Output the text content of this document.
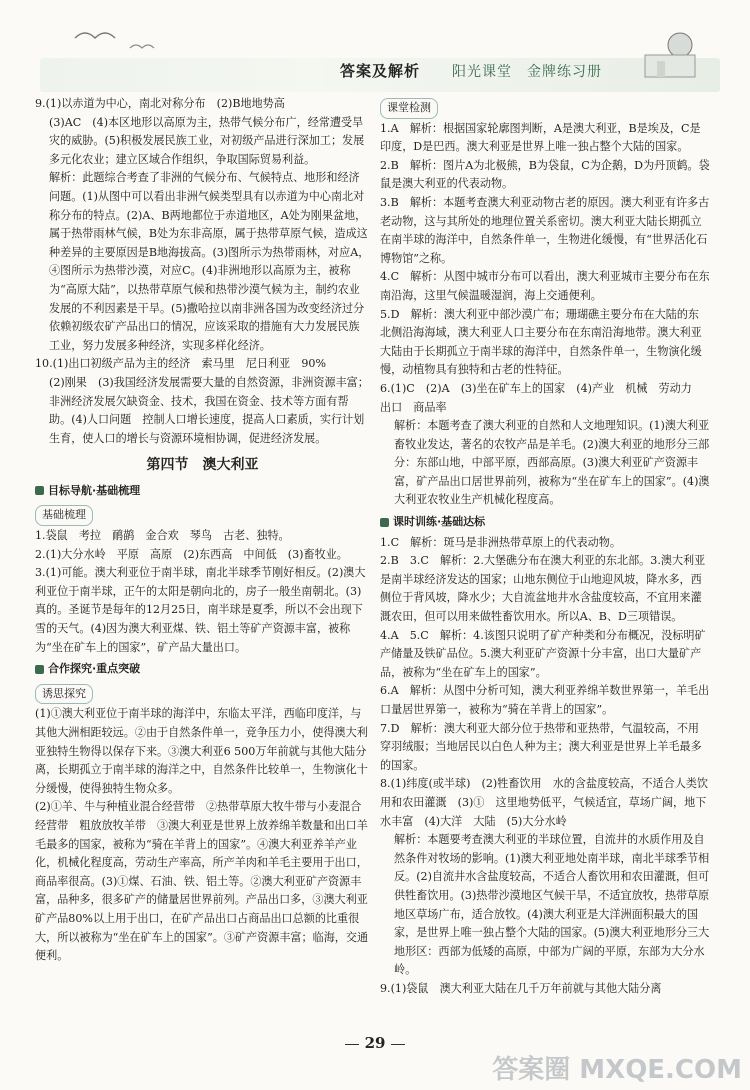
答案及解析 阳光课堂　金牌练习册

9.(1)以赤道为中心，南北对称分布　(2)B地地势高

(3)AC　(4)本区地形以高原为主，热带气候分布广，经常遭受旱灾的威胁。(5)积极发展民族工业，对初级产品进行深加工；发展多元化农业；建立区域合作组织，争取国际贸易利益。

解析：此题综合考查了非洲的气候分布、气候特点、地形和经济问题。(1)从图中可以看出非洲气候类型具有以赤道为中心南北对称分布的特点。(2)A、B两地都位于赤道地区，A处为刚果盆地，属于热带雨林气候，B处为东非高原，属于热带草原气候，造成这种差异的主要原因是B地海拔高。(3)图所示为热带雨林，对应A，④图所示为热带沙漠，对应C。(4)非洲地形以高原为主，被称为“高原大陆”，以热带草原气候和热带沙漠气候为主，制约农业发展的不利因素是干旱。(5)撒哈拉以南非洲各国为改变经济过分依赖初级农矿产品出口的情况，应该采取的措施有大力发展民族工业，努力发展多种经济，实现多样化经济。

10.(1)出口初级产品为主的经济　索马里　尼日利亚　90%

(2)刚果　(3)我国经济发展需要大量的自然资源，非洲资源丰富；非洲经济发展欠缺资金、技术，我国在资金、技术等方面有帮助。(4)人口问题　控制人口增长速度，提高人口素质，实行计划生育，使人口的增长与资源环境相协调，促进经济发展。

第四节　澳大利亚
目标导航·基础梳理
基础梳理

1.袋鼠　考拉　鸸鹋　金合欢　琴鸟　古老、独特。

2.(1)大分水岭　平原　高原　(2)东西高　中间低　(3)畜牧业。

3.(1)可能。澳大利亚位于南半球，南北半球季节刚好相反。(2)澳大利亚位于南半球，正午的太阳是朝向北的，房子一般坐南朝北。(3)真的。圣诞节是每年的12月25日，南半球是夏季，所以不会出现下雪的天气。(4)因为澳大利亚煤、铁、铝土等矿产资源丰富，被称为“坐在矿车上的国家”，矿产品大量出口。

合作探究·重点突破
诱思探究

(1)①澳大利亚位于南半球的海洋中，东临太平洋，西临印度洋，与其他大洲相距较远。②由于自然条件单一，竞争压力小，使得澳大利亚独特生物得以保存下来。③澳大利亚6 500万年前就与其他大陆分离，长期孤立于南半球的海洋之中，自然条件比较单一，生物演化十分缓慢，使得独特生物众多。

(2)①羊、牛与种植业混合经营带　②热带草原大牧牛带与小麦混合经营带　粗放放牧羊带　③澳大利亚是世界上放养绵羊数量和出口羊毛最多的国家，被称为“骑在羊背上的国家”。④澳大利亚养羊产业化，机械化程度高，劳动生产率高，所产羊肉和羊毛主要用于出口，商品率很高。(3)①煤、石油、铁、铝土等。②澳大利亚矿产资源丰富，品种多，很多矿产的储量居世界前列。产品出口多，③澳大利亚矿产品80%以上用于出口，在矿产品出口占商品出口总额的比重很大，所以被称为“坐在矿车上的国家”。③矿产资源丰富；临海，交通便利。

课堂检测

1.A　解析：根据国家轮廓图判断，A是澳大利亚，B是埃及，C是印度，D是巴西。澳大利亚是世界上唯一独占整个大陆的国家。

2.B　解析：图片A为北极熊，B为袋鼠，C为企鹅，D为丹顶鹤。袋鼠是澳大利亚的代表动物。

3.B　解析：本题考查澳大利亚动物古老的原因。澳大利亚有许多古老动物，这与其所处的地理位置关系密切。澳大利亚大陆长期孤立在南半球的海洋中，自然条件单一，生物进化缓慢，有“世界活化石博物馆”之称。

4.C　解析：从图中城市分布可以看出，澳大利亚城市主要分布在东南沿海，这里气候温暖湿润，海上交通便利。

5.D　解析：澳大利亚中部沙漠广布；珊瑚礁主要分布在大陆的东北侧沿海海域，澳大利亚人口主要分布在东南沿海地带。澳大利亚大陆由于长期孤立于南半球的海洋中，自然条件单一，生物演化缓慢，动植物具有独特和古老的性特征。

6.(1)C　(2)A　(3)坐在矿车上的国家　(4)产业　机械　劳动力　出口　商品率

解析：本题考查了澳大利亚的自然和人文地理知识。(1)澳大利亚畜牧业发达，著名的农牧产品是羊毛。(2)澳大利亚的地形分三部分：东部山地，中部平原，西部高原。(3)澳大利亚矿产资源丰富，矿产品出口居世界前列，被称为“坐在矿车上的国家”。(4)澳大利亚农牧业生产机械化程度高。

课时训练·基础达标

1.C　解析：斑马是非洲热带草原上的代表动物。

2.B　3.C　解析：2.大堡礁分布在澳大利亚的东北部。3.澳大利亚是南半球经济发达的国家；山地东侧位于山地迎风坡，降水多，西侧位于背风坡，降水少；大自流盆地井水含盐度较高，不宜用来灌溉农田，但可以用来做牲畜饮用水。所以A、B、D三项错误。

4.A　5.C　解析：4.该图只说明了矿产种类和分布概况，没标明矿产储量及铁矿品位。5.澳大利亚矿产资源十分丰富，出口大量矿产品，被称为“坐在矿车上的国家”。

6.A　解析：从图中分析可知，澳大利亚养绵羊数世界第一，羊毛出口量居世界第一，被称为“骑在羊背上的国家”。

7.D　解析：澳大利亚大部分位于热带和亚热带，气温较高，不用穿羽绒服；当地居民以白色人种为主；澳大利亚是世界上羊毛最多的国家。

8.(1)纬度(或半球)　(2)牲畜饮用　水的含盐度较高，不适合人类饮用和农田灌溉　(3)①　这里地势低平，气候适宜，草场广阔，地下水丰富　(4)大洋　大陆　(5)大分水岭

解析：本题要考查澳大利亚的半球位置，自流井的水质作用及自然条件对牧场的影响。(1)澳大利亚地处南半球，南北半球季节相反。(2)自流井水含盐度较高，不适合人畜饮用和农田灌溉，但可供牲畜饮用。(3)热带沙漠地区气候干旱，不适宜放牧，热带草原地区草场广布，适合放牧。(4)澳大利亚是大洋洲面积最大的国家，是世界上唯一独占整个大陆的国家。(5)澳大利亚地形分三大地形区：西部为低矮的高原，中部为广阔的平原，东部为大分水岭。

9.(1)袋鼠　澳大利亚大陆在几千万年前就与其他大陆分离

29
答案圈 MXQE.COM
